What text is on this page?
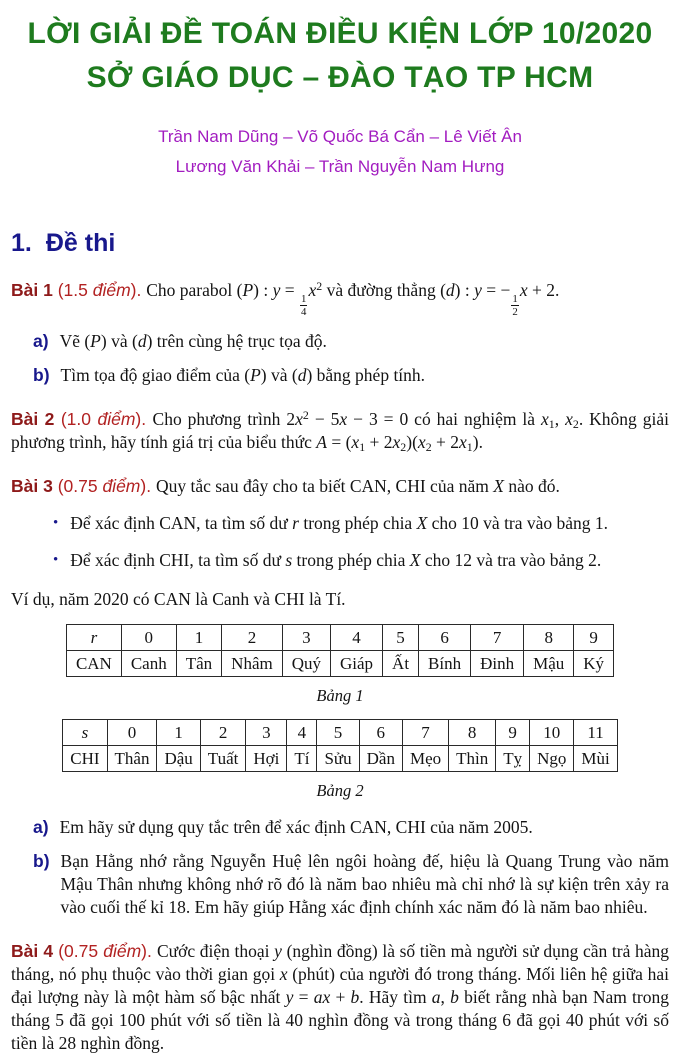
LỜI GIẢI ĐỀ TOÁN ĐIỀU KIỆN LỚP 10/2020
SỞ GIÁO DỤC – ĐÀO TẠO TP HCM
Trần Nam Dũng – Võ Quốc Bá Cẩn – Lê Viết Ân
Lương Văn Khải – Trần Nguyễn Nam Hưng
1. Đề thi
Bài 1 (1.5 điểm). Cho parabol (P) : y =
$\frac{1}{4}$
$x^2$ và đường thẳng (d) : y = −
$\frac{1}{2}$
x + 2.
a) Vẽ (P) và (d) trên cùng hệ trục tọa độ.
b) Tìm tọa độ giao điểm của (P) và (d) bằng phép tính.
Bài 2 (1.0 điểm). Cho phương trình $2x^2 - 5x - 3 = 0$ có hai nghiệm là x1, x2. Không giải phương trình, hãy tính giá trị của biểu thức A = (x1 + 2x2)(x2 + 2x1).
Bài 3 (0.75 điểm). Quy tắc sau đây cho ta biết CAN, CHI của năm X nào đó.
• Để xác định CAN, ta tìm số dư r trong phép chia X cho 10 và tra vào bảng 1.
• Để xác định CHI, ta tìm số dư s trong phép chia X cho 12 và tra vào bảng 2.
Ví dụ, năm 2020 có CAN là Canh và CHI là Tí.
r	0	1	2	3	4	5	6	7	8	9
CAN	Canh	Tân	Nhâm	Quý	Giáp	Ất	Bính	Đinh	Mậu	Ký
Bảng 1
s	0	1	2	3	4	5	6	7	8	9	10	11
CHI	Thân	Dậu	Tuất	Hợi	Tí	Sửu	Dần	Mẹo	Thìn	Tỵ	Ngọ	Mùi
Bảng 2
a) Em hãy sử dụng quy tắc trên để xác định CAN, CHI của năm 2005.
b) Bạn Hằng nhớ rằng Nguyễn Huệ lên ngôi hoàng đế, hiệu là Quang Trung vào năm Mậu Thân nhưng không nhớ rõ đó là năm bao nhiêu mà chỉ nhớ là sự kiện trên xảy ra vào cuối thế kỉ 18. Em hãy giúp Hằng xác định chính xác năm đó là năm bao nhiêu.
Bài 4 (0.75 điểm). Cước điện thoại y (nghìn đồng) là số tiền mà người sử dụng cần trả hàng tháng, nó phụ thuộc vào thời gian gọi x (phút) của người đó trong tháng. Mối liên hệ giữa hai đại lượng này là một hàm số bậc nhất y = ax + b. Hãy tìm a, b biết rằng nhà bạn Nam trong tháng 5 đã gọi 100 phút với số tiền là 40 nghìn đồng và trong tháng 6 đã gọi 40 phút với số tiền là 28 nghìn đồng.
